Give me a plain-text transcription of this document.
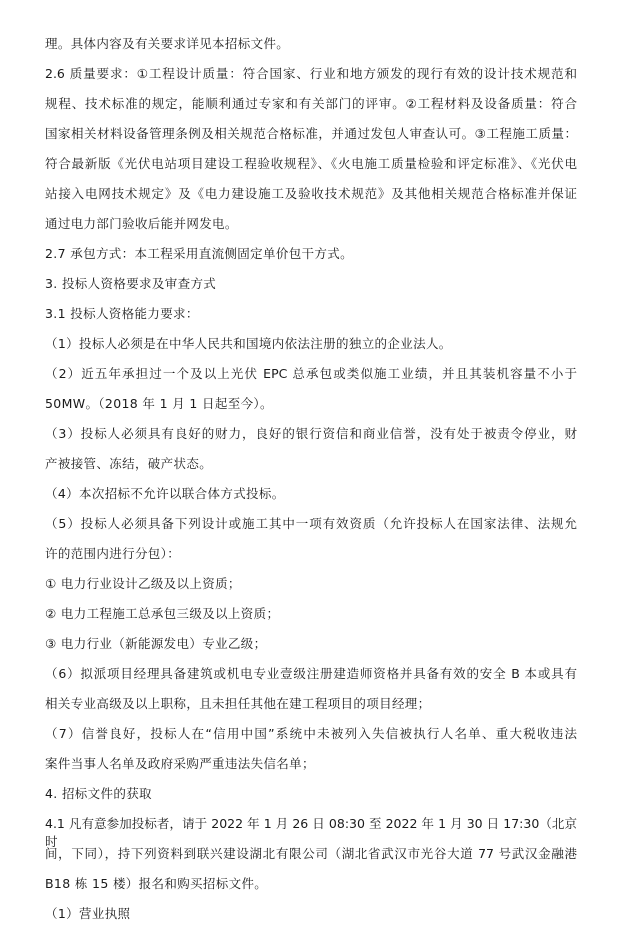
理。具体内容及有关要求详见本招标文件。
2.6 质量要求：①工程设计质量：符合国家、行业和地方颁发的现行有效的设计技术规范和
规程、技术标准的规定，能顺利通过专家和有关部门的评审。②工程材料及设备质量：符合
国家相关材料设备管理条例及相关规范合格标准，并通过发包人审查认可。③工程施工质量：
符合最新版《光伏电站项目建设工程验收规程》、《火电施工质量检验和评定标准》、《光伏电
站接入电网技术规定》及《电力建设施工及验收技术规范》及其他相关规范合格标准并保证
通过电力部门验收后能并网发电。
2.7 承包方式：本工程采用直流侧固定单价包干方式。
3. 投标人资格要求及审查方式
3.1 投标人资格能力要求：
（1）投标人必须是在中华人民共和国境内依法注册的独立的企业法人。
（2）近五年承担过一个及以上光伏 EPC 总承包或类似施工业绩，并且其装机容量不小于
50MW。（2018 年 1 月 1 日起至今）。
（3）投标人必须具有良好的财力，良好的银行资信和商业信誉，没有处于被责令停业，财
产被接管、冻结，破产状态。
（4）本次招标不允许以联合体方式投标。
（5）投标人必须具备下列设计或施工其中一项有效资质（允许投标人在国家法律、法规允
许的范围内进行分包）：
① 电力行业设计乙级及以上资质；
② 电力工程施工总承包三级及以上资质；
③ 电力行业（新能源发电）专业乙级；
（6）拟派项目经理具备建筑或机电专业壹级注册建造师资格并具备有效的安全 B 本或具有
相关专业高级及以上职称，且未担任其他在建工程项目的项目经理；
（7）信誉良好，投标人在“信用中国”系统中未被列入失信被执行人名单、重大税收违法
案件当事人名单及政府采购严重违法失信名单；
4. 招标文件的获取
4.1 凡有意参加投标者，请于 2022 年 1 月 26 日 08:30 至 2022 年 1 月 30 日 17:30（北京时
间，下同），持下列资料到联兴建设湖北有限公司（湖北省武汉市光谷大道 77 号武汉金融港
B18 栋 15 楼）报名和购买招标文件。
（1）营业执照
